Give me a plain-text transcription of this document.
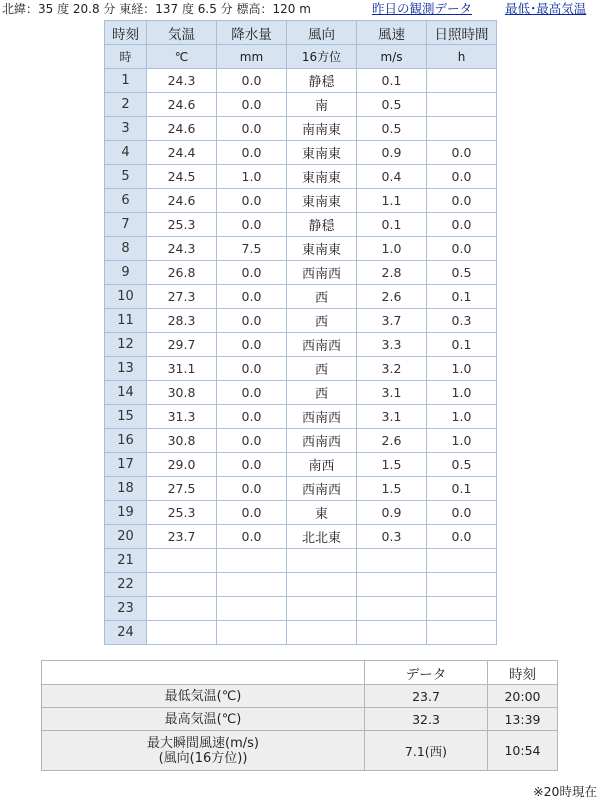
北緯：35 度 20.8 分 東経：137 度 6.5 分 標高：120 m	昨日の観測データ	最低･最高気温
時刻	気温	降水量	風向	風速	日照時間
時	℃	mm	16方位	m/s	h
1	24.3	0.0	静穏	0.1	
2	24.6	0.0	南	0.5	
3	24.6	0.0	南南東	0.5	
4	24.4	0.0	東南東	0.9	0.0
5	24.5	1.0	東南東	0.4	0.0
6	24.6	0.0	東南東	1.1	0.0
7	25.3	0.0	静穏	0.1	0.0
8	24.3	7.5	東南東	1.0	0.0
9	26.8	0.0	西南西	2.8	0.5
10	27.3	0.0	西	2.6	0.1
11	28.3	0.0	西	3.7	0.3
12	29.7	0.0	西南西	3.3	0.1
13	31.1	0.0	西	3.2	1.0
14	30.8	0.0	西	3.1	1.0
15	31.3	0.0	西南西	3.1	1.0
16	30.8	0.0	西南西	2.6	1.0
17	29.0	0.0	南西	1.5	0.5
18	27.5	0.0	西南西	1.5	0.1
19	25.3	0.0	東	0.9	0.0
20	23.7	0.0	北北東	0.3	0.0
21					
22					
23					
24					
	データ	時刻
最低気温(℃)	23.7	20:00
最高気温(℃)	32.3	13:39

最大瞬間風速(m/s)
(風向(16方位))	7.1(西)	10:54
※20時現在
